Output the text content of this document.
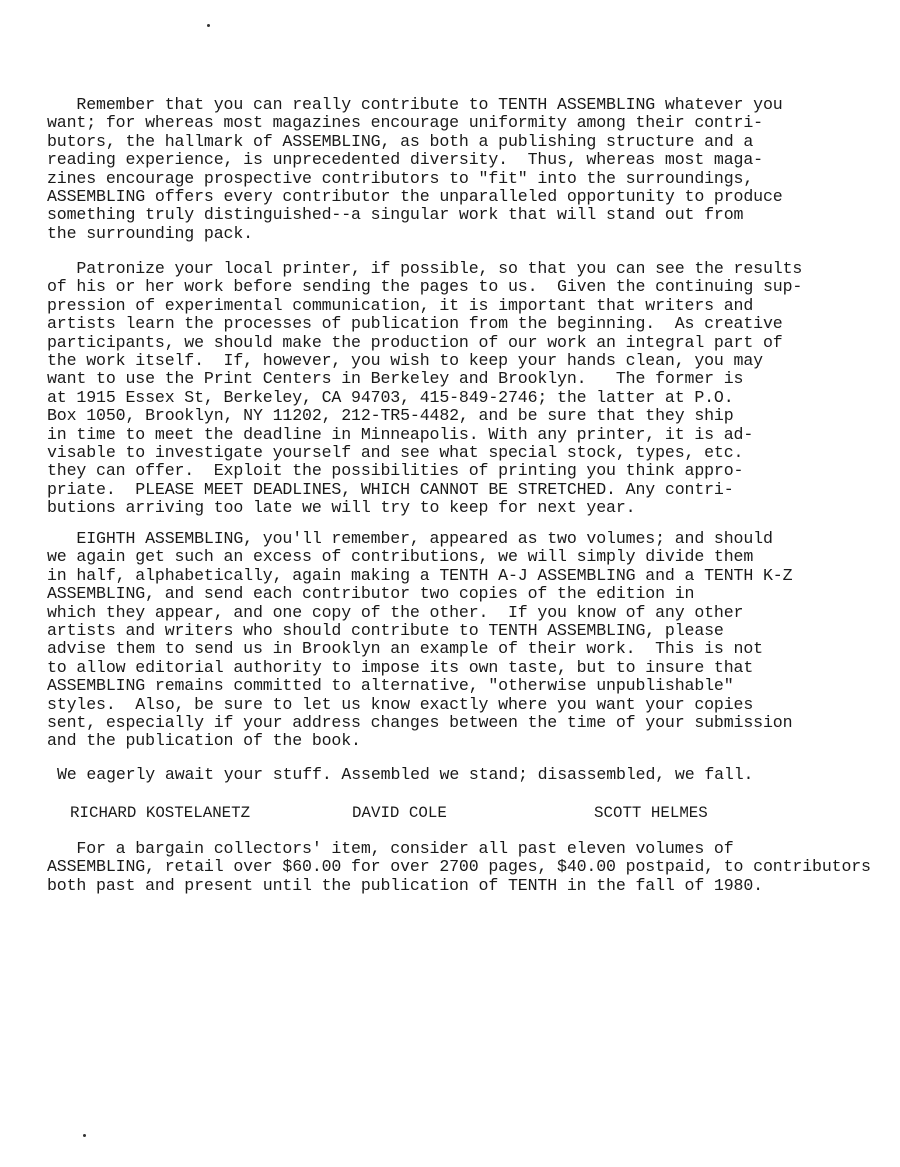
Remember that you can really contribute to TENTH ASSEMBLING whatever you
want; for whereas most magazines encourage uniformity among their contri-
butors, the hallmark of ASSEMBLING, as both a publishing structure and a
reading experience, is unprecedented diversity.  Thus, whereas most maga-
zines encourage prospective contributors to "fit" into the surroundings,
ASSEMBLING offers every contributor the unparalleled opportunity to produce
something truly distinguished--a singular work that will stand out from
the surrounding pack.

Patronize your local printer, if possible, so that you can see the results
of his or her work before sending the pages to us.  Given the continuing sup-
pression of experimental communication, it is important that writers and
artists learn the processes of publication from the beginning.  As creative
participants, we should make the production of our work an integral part of
the work itself.  If, however, you wish to keep your hands clean, you may
want to use the Print Centers in Berkeley and Brooklyn.   The former is
at 1915 Essex St, Berkeley, CA 94703, 415-849-2746; the latter at P.O.
Box 1050, Brooklyn, NY 11202, 212-TR5-4482, and be sure that they ship
in time to meet the deadline in Minneapolis. With any printer, it is ad-
visable to investigate yourself and see what special stock, types, etc.
they can offer.  Exploit the possibilities of printing you think appro-
priate.  PLEASE MEET DEADLINES, WHICH CANNOT BE STRETCHED. Any contri-
butions arriving too late we will try to keep for next year.

EIGHTH ASSEMBLING, you'll remember, appeared as two volumes; and should
we again get such an excess of contributions, we will simply divide them
in half, alphabetically, again making a TENTH A-J ASSEMBLING and a TENTH K-Z
ASSEMBLING, and send each contributor two copies of the edition in
which they appear, and one copy of the other.  If you know of any other
artists and writers who should contribute to TENTH ASSEMBLING, please
advise them to send us in Brooklyn an example of their work.  This is not
to allow editorial authority to impose its own taste, but to insure that
ASSEMBLING remains committed to alternative, "otherwise unpublishable"
styles.  Also, be sure to let us know exactly where you want your copies
sent, especially if your address changes between the time of your submission
and the publication of the book.

We eagerly await your stuff. Assembled we stand; disassembled, we fall.

RICHARD KOSTELANETZ	DAVID COLE	SCOTT HELMES

For a bargain collectors' item, consider all past eleven volumes of
ASSEMBLING, retail over $60.00 for over 2700 pages, $40.00 postpaid, to contributors
both past and present until the publication of TENTH in the fall of 1980.
